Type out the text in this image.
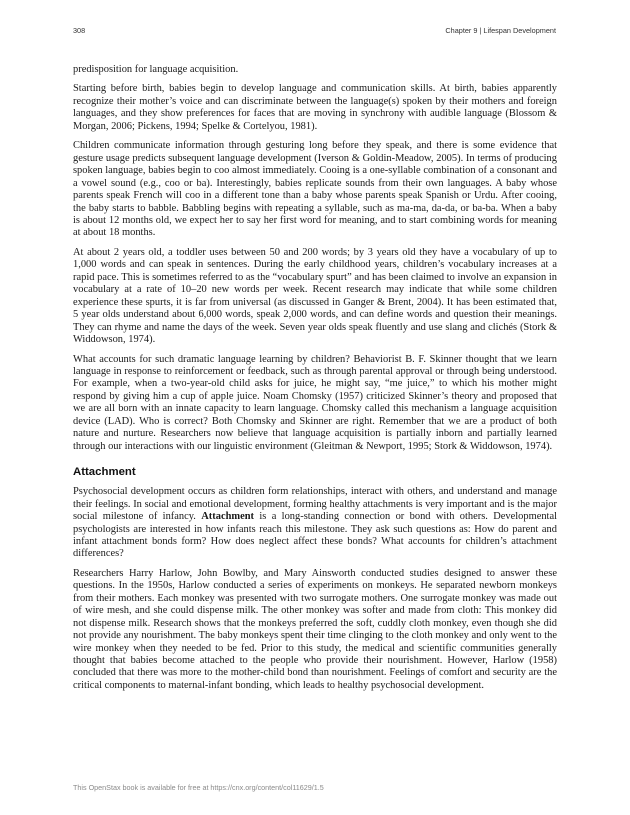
308	Chapter 9 | Lifespan Development

predisposition for language acquisition.

Starting before birth, babies begin to develop language and communication skills. At birth, babies apparently recognize their mother’s voice and can discriminate between the language(s) spoken by their mothers and foreign languages, and they show preferences for faces that are moving in synchrony with audible language (Blossom & Morgan, 2006; Pickens, 1994; Spelke & Cortelyou, 1981).

Children communicate information through gesturing long before they speak, and there is some evidence that gesture usage predicts subsequent language development (Iverson & Goldin-Meadow, 2005). In terms of producing spoken language, babies begin to coo almost immediately. Cooing is a one-syllable combination of a consonant and a vowel sound (e.g., coo or ba). Interestingly, babies replicate sounds from their own languages. A baby whose parents speak French will coo in a different tone than a baby whose parents speak Spanish or Urdu. After cooing, the baby starts to babble. Babbling begins with repeating a syllable, such as ma-ma, da-da, or ba-ba. When a baby is about 12 months old, we expect her to say her first word for meaning, and to start combining words for meaning at about 18 months.

At about 2 years old, a toddler uses between 50 and 200 words; by 3 years old they have a vocabulary of up to 1,000 words and can speak in sentences. During the early childhood years, children’s vocabulary increases at a rapid pace. This is sometimes referred to as the “vocabulary spurt” and has been claimed to involve an expansion in vocabulary at a rate of 10–20 new words per week. Recent research may indicate that while some children experience these spurts, it is far from universal (as discussed in Ganger & Brent, 2004). It has been estimated that, 5 year olds understand about 6,000 words, speak 2,000 words, and can define words and question their meanings. They can rhyme and name the days of the week. Seven year olds speak fluently and use slang and clichés (Stork & Widdowson, 1974).

What accounts for such dramatic language learning by children? Behaviorist B. F. Skinner thought that we learn language in response to reinforcement or feedback, such as through parental approval or through being understood. For example, when a two-year-old child asks for juice, he might say, “me juice,” to which his mother might respond by giving him a cup of apple juice. Noam Chomsky (1957) criticized Skinner’s theory and proposed that we are all born with an innate capacity to learn language. Chomsky called this mechanism a language acquisition device (LAD). Who is correct? Both Chomsky and Skinner are right. Remember that we are a product of both nature and nurture. Researchers now believe that language acquisition is partially inborn and partially learned through our interactions with our linguistic environment (Gleitman & Newport, 1995; Stork & Widdowson, 1974).

Attachment

Psychosocial development occurs as children form relationships, interact with others, and understand and manage their feelings. In social and emotional development, forming healthy attachments is very important and is the major social milestone of infancy. Attachment is a long-standing connection or bond with others. Developmental psychologists are interested in how infants reach this milestone. They ask such questions as: How do parent and infant attachment bonds form? How does neglect affect these bonds? What accounts for children’s attachment differences?

Researchers Harry Harlow, John Bowlby, and Mary Ainsworth conducted studies designed to answer these questions. In the 1950s, Harlow conducted a series of experiments on monkeys. He separated newborn monkeys from their mothers. Each monkey was presented with two surrogate mothers. One surrogate monkey was made out of wire mesh, and she could dispense milk. The other monkey was softer and made from cloth: This monkey did not dispense milk. Research shows that the monkeys preferred the soft, cuddly cloth monkey, even though she did not provide any nourishment. The baby monkeys spent their time clinging to the cloth monkey and only went to the wire monkey when they needed to be fed. Prior to this study, the medical and scientific communities generally thought that babies become attached to the people who provide their nourishment. However, Harlow (1958) concluded that there was more to the mother-child bond than nourishment. Feelings of comfort and security are the critical components to maternal-infant bonding, which leads to healthy psychosocial development.

This OpenStax book is available for free at https://cnx.org/content/col11629/1.5
